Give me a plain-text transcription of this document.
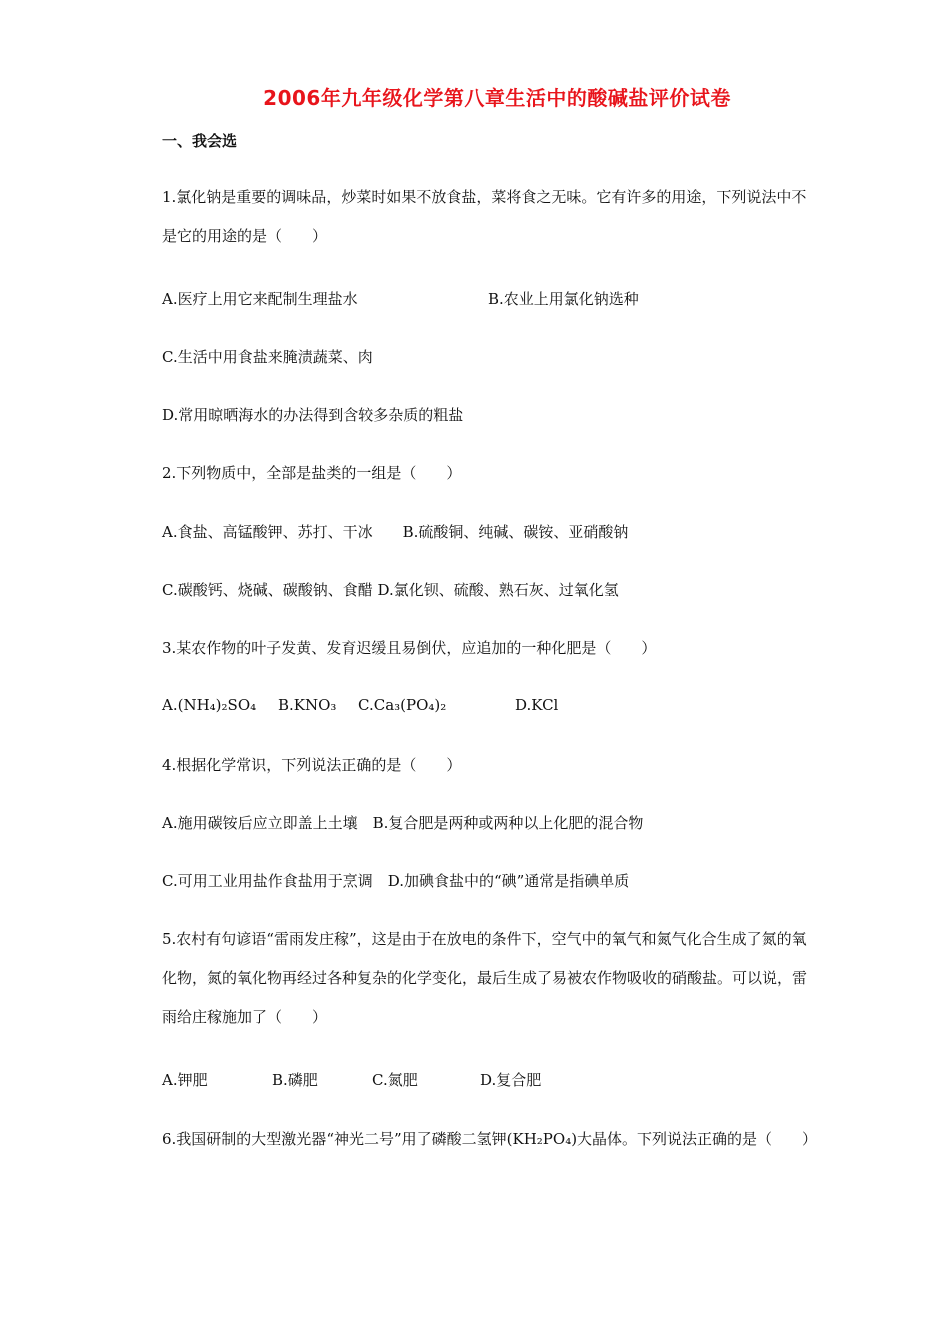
2006年九年级化学第八章生活中的酸碱盐评价试卷
一、我会选
1.氯化钠是重要的调味品，炒菜时如果不放食盐，菜将食之无味。它有许多的用途，下列说法中不是它的用途的是（　　）
A.医疗上用它来配制生理盐水	B.农业上用氯化钠选种
C.生活中用食盐来腌渍蔬菜、肉
D.常用晾晒海水的办法得到含较多杂质的粗盐
2.下列物质中，全部是盐类的一组是（　　）
A.食盐、高锰酸钾、苏打、干冰　　B.硫酸铜、纯碱、碳铵、亚硝酸钠
C.碳酸钙、烧碱、碳酸钠、食醋 D.氯化钡、硫酸、熟石灰、过氧化氢
3.某农作物的叶子发黄、发育迟缓且易倒伏，应追加的一种化肥是（　　）
A.(NH₄)₂SO₄ B.KNO₃ C.Ca₃(PO₄)₂	D.KCl
4.根据化学常识，下列说法正确的是（　　）
A.施用碳铵后应立即盖上土壤　B.复合肥是两种或两种以上化肥的混合物
C.可用工业用盐作食盐用于烹调　D.加碘食盐中的“碘”通常是指碘单质
5.农村有句谚语“雷雨发庄稼”，这是由于在放电的条件下，空气中的氧气和氮气化合生成了氮的氧化物，氮的氧化物再经过各种复杂的化学变化，最后生成了易被农作物吸收的硝酸盐。可以说，雷雨给庄稼施加了（　　）
A.钾肥	B.磷肥	C.氮肥	D.复合肥
6.我国研制的大型激光器“神光二号”用了磷酸二氢钾(KH₂PO₄)大晶体。下列说法正确的是（　　）
